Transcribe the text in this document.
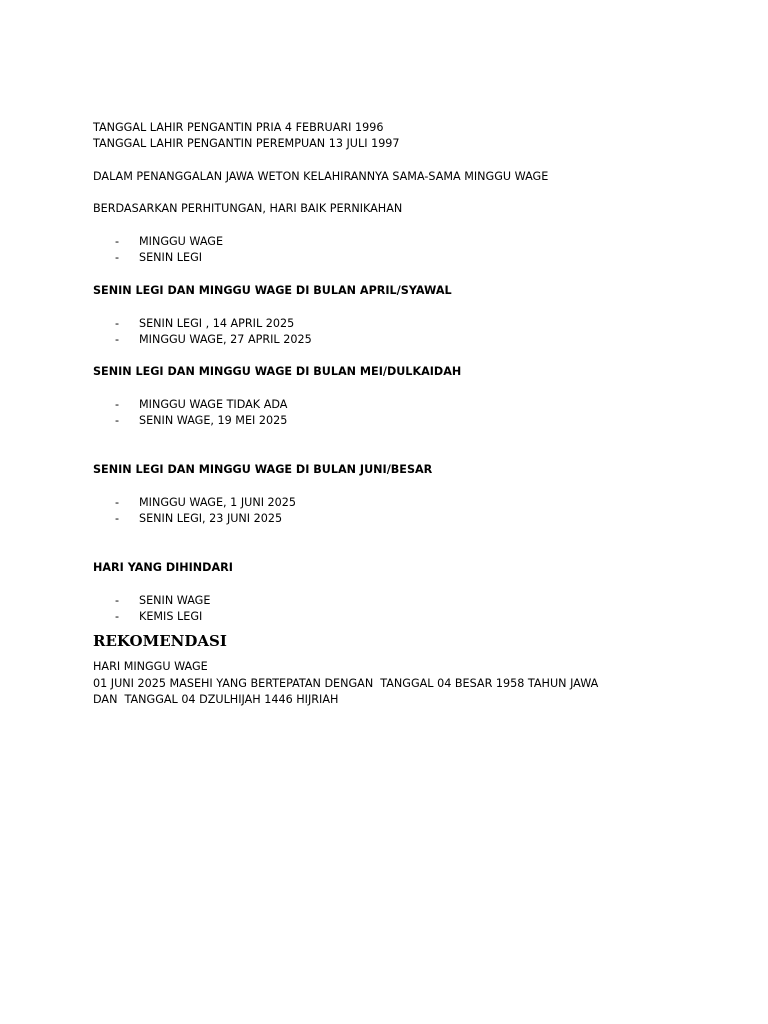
TANGGAL LAHIR PENGANTIN PRIA 4 FEBRUARI 1996
TANGGAL LAHIR PENGANTIN PEREMPUAN 13 JULI 1997
DALAM PENANGGALAN JAWA WETON KELAHIRANNYA SAMA-SAMA MINGGU WAGE
BERDASARKAN PERHITUNGAN, HARI BAIK PERNIKAHAN
- MINGGU WAGE
- SENIN LEGI
SENIN LEGI DAN MINGGU WAGE DI BULAN APRIL/SYAWAL
- SENIN LEGI , 14 APRIL 2025
- MINGGU WAGE, 27 APRIL 2025
SENIN LEGI DAN MINGGU WAGE DI BULAN MEI/DULKAIDAH
- MINGGU WAGE TIDAK ADA
- SENIN WAGE, 19 MEI 2025
SENIN LEGI DAN MINGGU WAGE DI BULAN JUNI/BESAR
- MINGGU WAGE, 1 JUNI 2025
- SENIN LEGI, 23 JUNI 2025
HARI YANG DIHINDARI
- SENIN WAGE
- KEMIS LEGI
REKOMENDASI
HARI MINGGU WAGE
01 JUNI 2025 MASEHI YANG BERTEPATAN DENGAN  TANGGAL 04 BESAR 1958 TAHUN JAWA
DAN  TANGGAL 04 DZULHIJAH 1446 HIJRIAH
